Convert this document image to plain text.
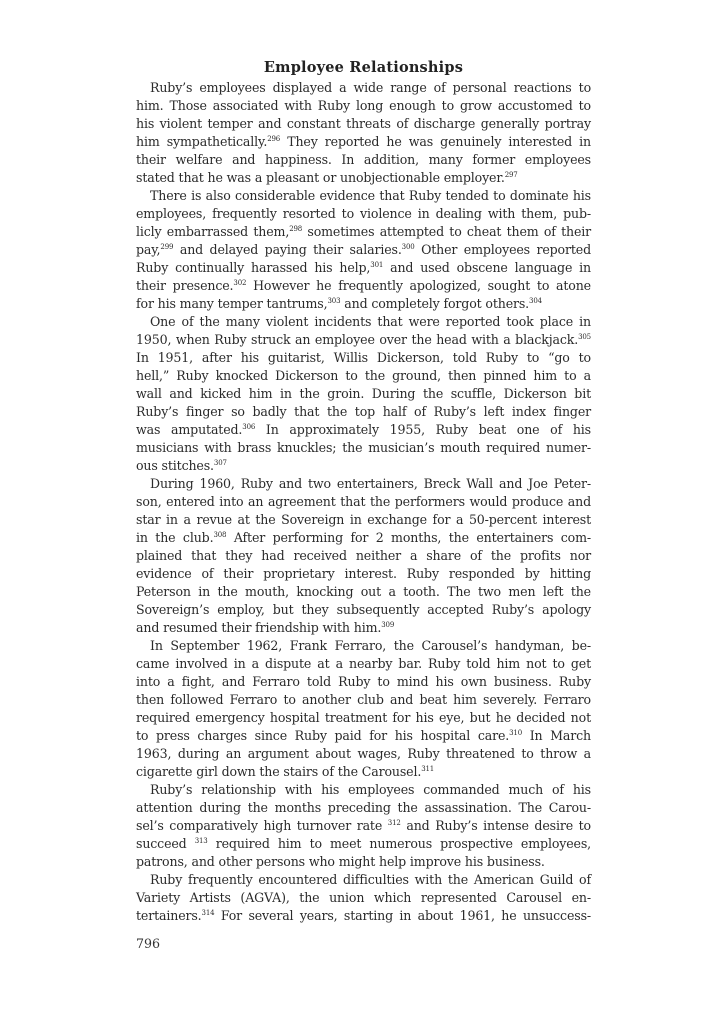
Employee Relationships

Ruby’s employees displayed a wide range of personal reactions to
him. Those associated with Ruby long enough to grow accustomed to
his violent temper and constant threats of discharge generally portray
him sympathetically.$^{296}$ They reported he was genuinely interested in
their welfare and happiness. In addition, many former employees
stated that he was a pleasant or unobjectionable employer.$^{297}$

There is also considerable evidence that Ruby tended to dominate his
employees, frequently resorted to violence in dealing with them, pub-
licly embarrassed them,$^{298}$ sometimes attempted to cheat them of their
pay,$^{299}$ and delayed paying their salaries.$^{300}$ Other employees reported
Ruby continually harassed his help,$^{301}$ and used obscene language in
their presence.$^{302}$ However he frequently apologized, sought to atone
for his many temper tantrums,$^{303}$ and completely forgot others.$^{304}$

One of the many violent incidents that were reported took place in
1950, when Ruby struck an employee over the head with a blackjack.$^{305}$
In 1951, after his guitarist, Willis Dickerson, told Ruby to “go to
hell,” Ruby knocked Dickerson to the ground, then pinned him to a
wall and kicked him in the groin. During the scuffle, Dickerson bit
Ruby’s finger so badly that the top half of Ruby’s left index finger
was amputated.$^{306}$ In approximately 1955, Ruby beat one of his
musicians with brass knuckles; the musician’s mouth required numer-
ous stitches.$^{307}$

During 1960, Ruby and two entertainers, Breck Wall and Joe Peter-
son, entered into an agreement that the performers would produce and
star in a revue at the Sovereign in exchange for a 50-percent interest
in the club.$^{308}$ After performing for 2 months, the entertainers com-
plained that they had received neither a share of the profits nor
evidence of their proprietary interest. Ruby responded by hitting
Peterson in the mouth, knocking out a tooth. The two men left the
Sovereign’s employ, but they subsequently accepted Ruby’s apology
and resumed their friendship with him.$^{309}$

In September 1962, Frank Ferraro, the Carousel’s handyman, be-
came involved in a dispute at a nearby bar. Ruby told him not to get
into a fight, and Ferraro told Ruby to mind his own business. Ruby
then followed Ferraro to another club and beat him severely. Ferraro
required emergency hospital treatment for his eye, but he decided not
to press charges since Ruby paid for his hospital care.$^{310}$ In March
1963, during an argument about wages, Ruby threatened to throw a
cigarette girl down the stairs of the Carousel.$^{311}$

Ruby’s relationship with his employees commanded much of his
attention during the months preceding the assassination. The Carou-
sel’s comparatively high turnover rate $^{312}$ and Ruby’s intense desire to
succeed $^{313}$ required him to meet numerous prospective employees,
patrons, and other persons who might help improve his business.

Ruby frequently encountered difficulties with the American Guild of
Variety Artists (AGVA), the union which represented Carousel en-
tertainers.$^{314}$ For several years, starting in about 1961, he unsuccess-

796
